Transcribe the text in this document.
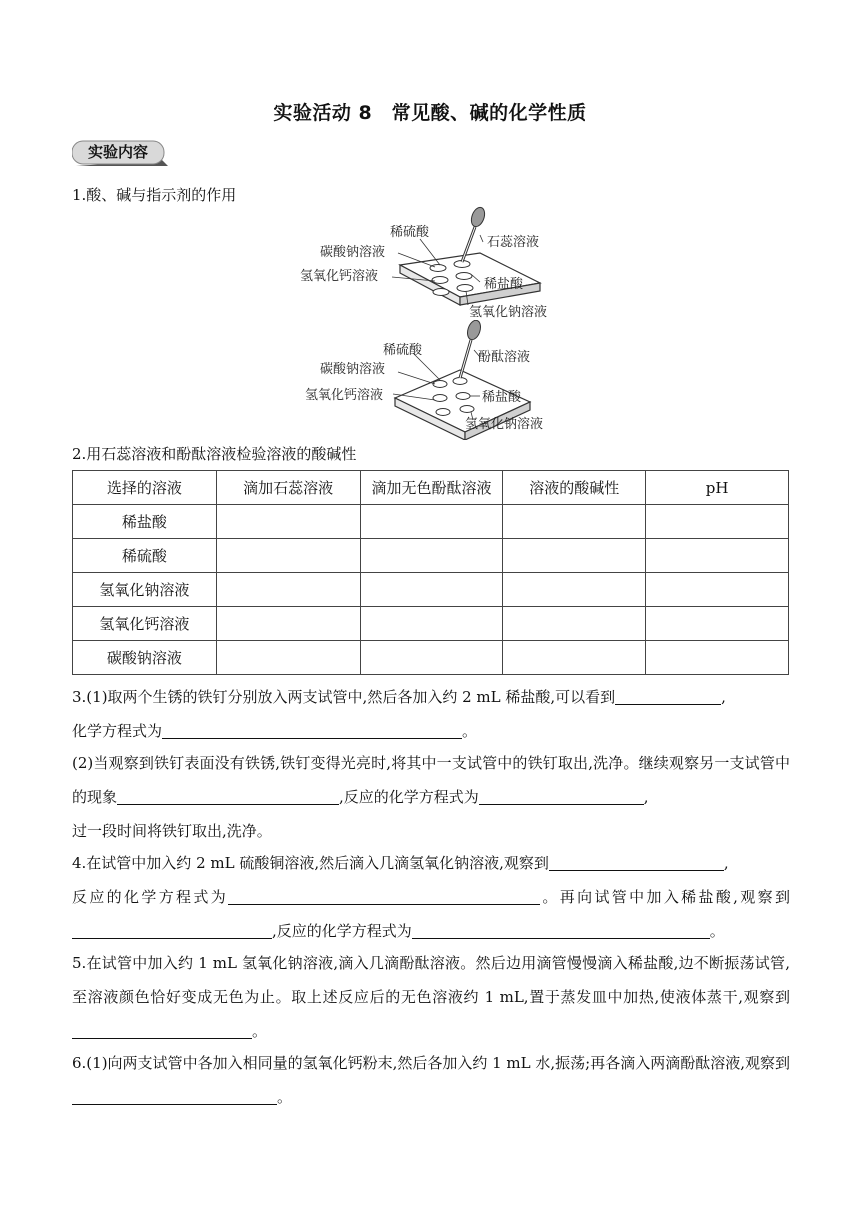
实验活动 8　常见酸、碱的化学性质
实验内容
1.酸、碱与指示剂的作用
稀硫酸
石蕊溶液
碳酸钠溶液
氢氧化钙溶液
稀盐酸
氢氧化钠溶液
稀硫酸	酚酞溶液
碳酸钠溶液
氢氧化钙溶液	稀盐酸
氢氧化钠溶液
2.用石蕊溶液和酚酞溶液检验溶液的酸碱性
选择的溶液	滴加石蕊溶液	滴加无色酚酞溶液	溶液的酸碱性	pH
稀盐酸				
稀硫酸				
氢氧化钠溶液				
氢氧化钙溶液				
碳酸钠溶液				
3.(1)取两个生锈的铁钉分别放入两支试管中,然后各加入约 2 mL 稀盐酸,可以看到	,
化学方程式为	。
(2)当观察到铁钉表面没有铁锈,铁钉变得光亮时,将其中一支试管中的铁钉取出,洗净。继续观察另一支试管中的现象	,反应的化学方程式为	,
过一段时间将铁钉取出,洗净。
4.在试管中加入约 2 mL 硫酸铜溶液,然后滴入几滴氢氧化钠溶液,观察到	,
反应的化学方程式为	。再向试管中加入稀盐酸,观察到,反应的化学方程式为	。
5.在试管中加入约 1 mL 氢氧化钠溶液,滴入几滴酚酞溶液。然后边用滴管慢慢滴入稀盐酸,边不断振荡试管,至溶液颜色恰好变成无色为止。取上述反应后的无色溶液约 1 mL,置于蒸发皿中加热,使液体蒸干,观察到。
6.(1)向两支试管中各加入相同量的氢氧化钙粉末,然后各加入约 1 mL 水,振荡;再各滴入两滴酚酞溶液,观察到。
